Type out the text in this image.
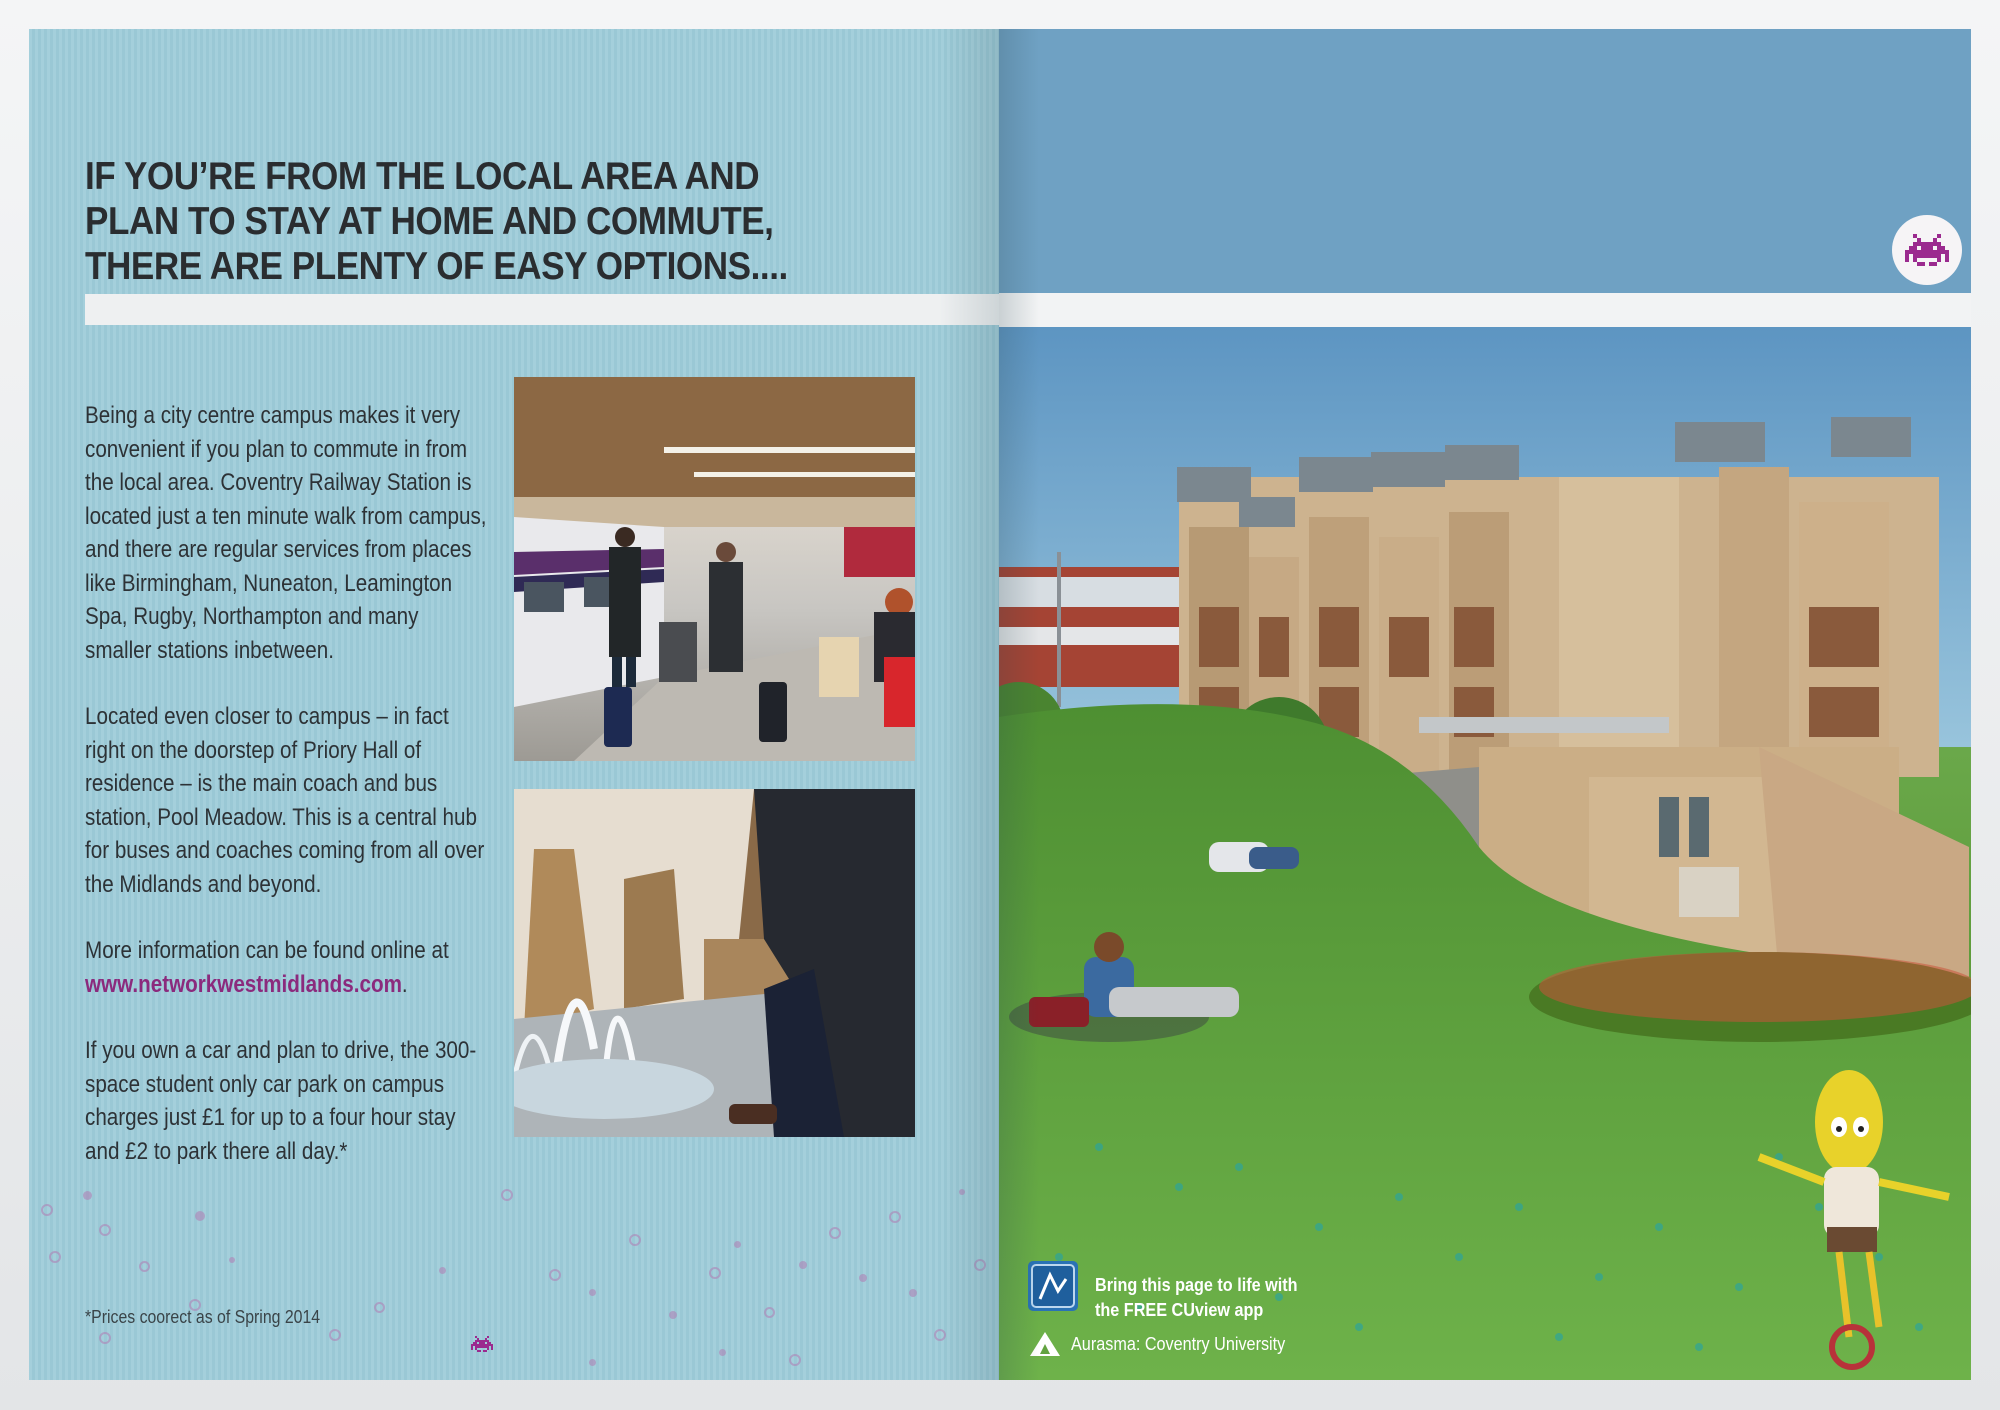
IF YOU’RE FROM THE LOCAL AREA AND
PLAN TO STAY AT HOME AND COMMUTE,
THERE ARE PLENTY OF EASY OPTIONS....

Being a city centre campus makes it very convenient if you plan to commute in from the local area. Coventry Railway Station is located just a ten minute walk from campus, and there are regular services from places like Birmingham, Nuneaton, Leamington Spa, Rugby, Northampton and many smaller stations inbetween.

Located even closer to campus – in fact right on the doorstep of Priory Hall of residence – is the main coach and bus station, Pool Meadow. This is a central hub for buses and coaches coming from all over the Midlands and beyond.

More information can be found online at www.networkwestmidlands.com.

If you own a car and plan to drive, the 300-space student only car park on campus charges just £1 for up to a four hour stay and £2 to park there all day.*

*Prices coorect as of Spring 2014
Bring this page to life with
the FREE CUview app
Aurasma: Coventry University
